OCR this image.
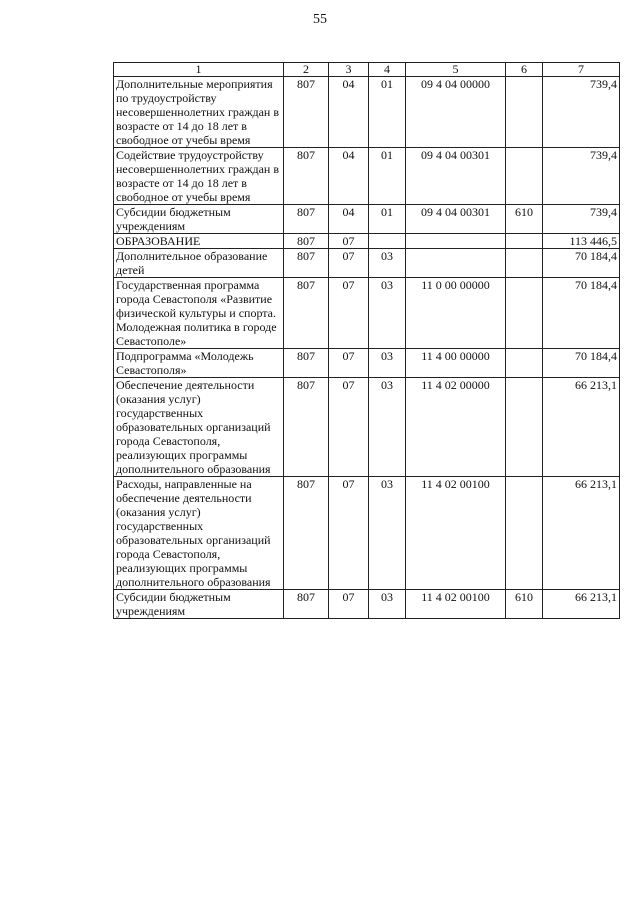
55
1	2	3	4	5	6	7
Дополнительные мероприятия по трудоустройству несовершеннолетних граждан в возрасте от 14 до 18 лет в свободное от учебы время	807	04	01	09 4 04 00000		739,4
Содействие трудоустройству несовершеннолетних граждан в возрасте от 14 до 18 лет в свободное от учебы время	807	04	01	09 4 04 00301		739,4
Субсидии бюджетным учреждениям	807	04	01	09 4 04 00301	610	739,4
ОБРАЗОВАНИЕ	807	07				113 446,5
Дополнительное образование детей	807	07	03			70 184,4
Государственная программа города Севастополя «Развитие физической культуры и спорта. Молодежная политика в городе Севастополе»	807	07	03	11 0 00 00000		70 184,4
Подпрограмма «Молодежь Севастополя»	807	07	03	11 4 00 00000		70 184,4
Обеспечение деятельности (оказания услуг) государственных образовательных организаций города Севастополя, реализующих программы дополнительного образования	807	07	03	11 4 02 00000		66 213,1
Расходы, направленные на обеспечение деятельности (оказания услуг) государственных образовательных организаций города Севастополя, реализующих программы дополнительного образования	807	07	03	11 4 02 00100		66 213,1
Субсидии бюджетным учреждениям	807	07	03	11 4 02 00100	610	66 213,1
